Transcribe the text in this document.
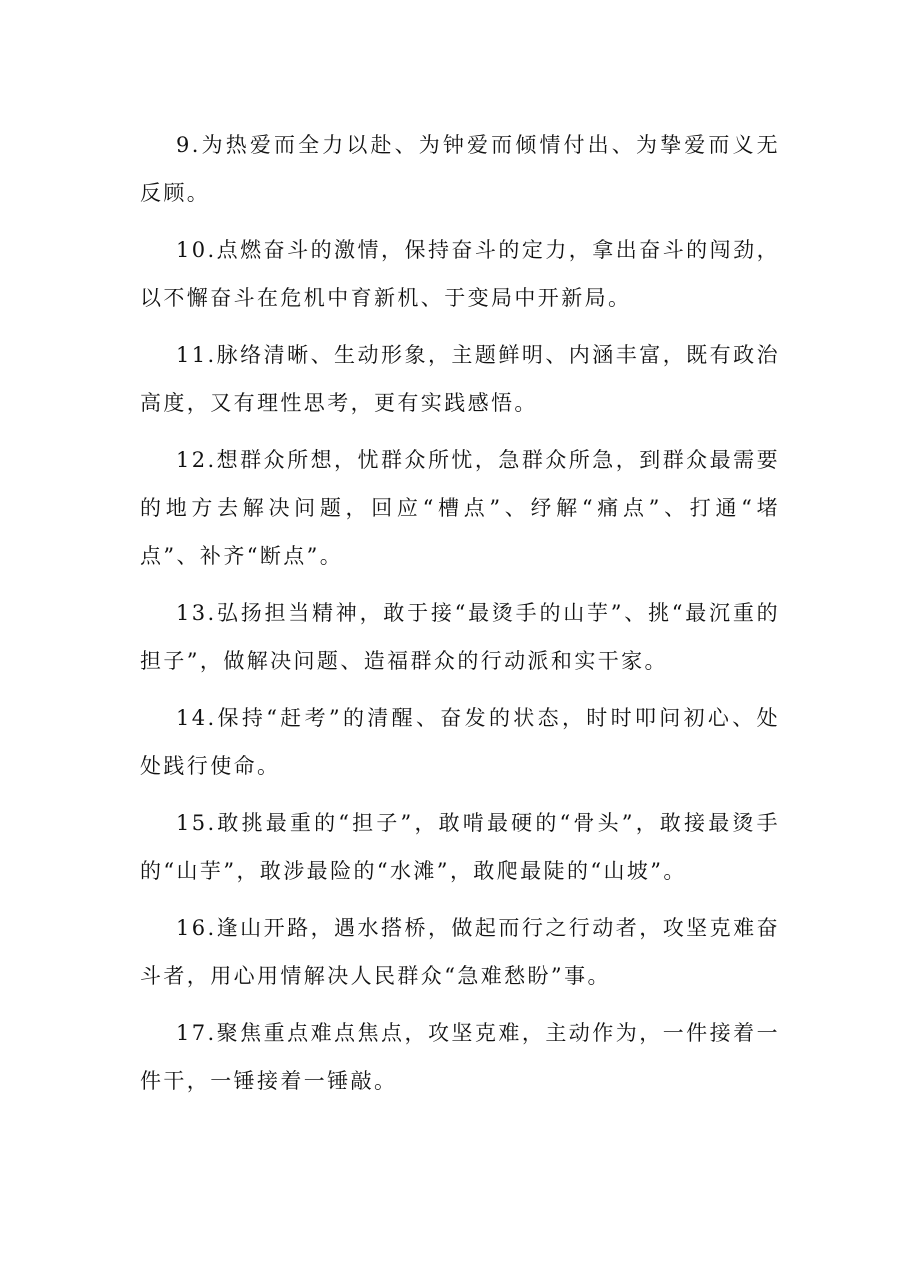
9.为热爱而全力以赴、为钟爱而倾情付出、为挚爱而义无反顾。

10.点燃奋斗的激情，保持奋斗的定力，拿出奋斗的闯劲，以不懈奋斗在危机中育新机、于变局中开新局。

11.脉络清晰、生动形象，主题鲜明、内涵丰富，既有政治高度，又有理性思考，更有实践感悟。

12.想群众所想，忧群众所忧，急群众所急，到群众最需要的地方去解决问题，回应“槽点”、纾解“痛点”、打通“堵点”、补齐“断点”。

13.弘扬担当精神，敢于接“最烫手的山芋”、挑“最沉重的担子”，做解决问题、造福群众的行动派和实干家。

14.保持“赶考”的清醒、奋发的状态，时时叩问初心、处处践行使命。

15.敢挑最重的“担子”，敢啃最硬的“骨头”，敢接最烫手的“山芋”，敢涉最险的“水滩”，敢爬最陡的“山坡”。

16.逢山开路，遇水搭桥，做起而行之行动者，攻坚克难奋斗者，用心用情解决人民群众“急难愁盼”事。

17.聚焦重点难点焦点，攻坚克难，主动作为，一件接着一件干，一锤接着一锤敲。
